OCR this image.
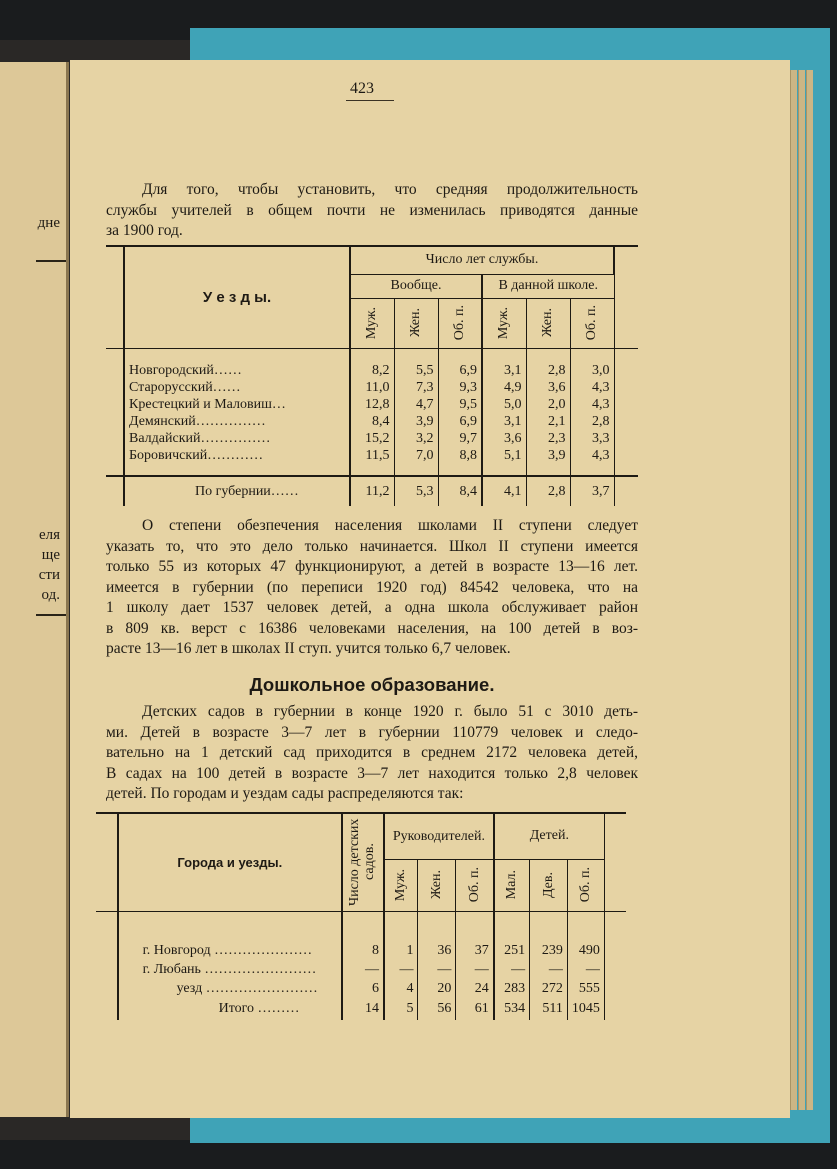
дне
еля
ще
сти
од.
423
Для того, чтобы установить, что средняя продолжительность
службы учителей в общем почти не изменилась приводятся данные
за 1900 год.
	У е з д ы.	Число лет службы.						
		Вообще.			В данной школе.			

		Муж.	Жен.	Об. п.	Муж.	Жен.	Об. п.	

	Новгородский……	8,2	5,5	6,9	3,1	2,8	3,0	
	Старорусский……	11,0	7,3	9,3	4,9	3,6	4,3	
	Крестецкий и Маловиш…	12,8	4,7	9,5	5,0	2,0	4,3	
	Демянский……………	8,4	3,9	6,9	3,1	2,1	2,8	
	Валдайский……………	15,2	3,2	9,7	3,6	2,3	3,3	
	Боровичский…………	11,5	7,0	8,8	5,1	3,9	4,3	

	По губернии……	11,2	5,3	8,4	4,1	2,8	3,7	
О степени обезпечения населения школами II ступени следует
указать то, что это дело только начинается. Школ II ступени имеется
только 55 из которых 47 функционируют, а детей в возрасте 13—16 лет.
имеется в губернии (по переписи 1920 год) 84542 человека, что на
1 школу дает 1537 человек детей, а одна школа обслуживает район
в 809 кв. верст с 16386 человеками населения, на 100 детей в воз-
расте 13—16 лет в школах II ступ. учится только 6,7 человек.
Дошкольное образование.
Детских садов в губернии в конце 1920 г. было 51 с 3010 деть-
ми. Детей в возрасте 3—7 лет в губернии 110779 человек и следо-
вательно на 1 детский сад приходится в среднем 2172 человека детей,
В садах на 100 детей в возрасте 3—7 лет находится только 2,8 человек
детей. По городам и уездам сады распределяются так:
	Города и уезды.	Число детских садов.	Руководителей.			Детей.			

			Муж.	Жен.	Об. п.	Мал.	Дев.	Об. п.	

	г. Новгород …………………	8	1	36	37	251	239	490	
	г. Любань ……………………	—	—	—	—	—	—	—	
	уезд ……………………	6	4	20	24	283	272	555	
	Итого ………	14	5	56	61	534	511	1045	
